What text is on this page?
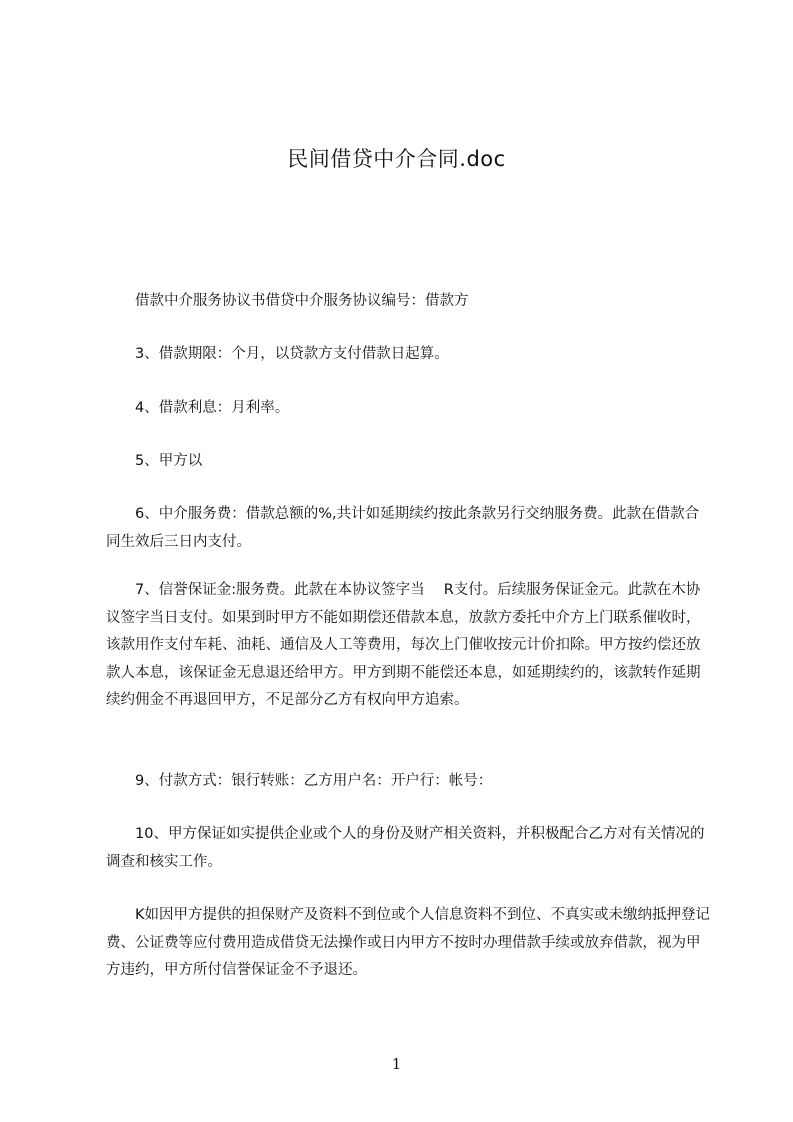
民间借贷中介合同.doc
借款中介服务协议书借贷中介服务协议编号：借款方
3、借款期限：个月，以贷款方支付借款日起算。
4、借款利息：月利率。
5、甲方以
6、中介服务费：借款总额的%,共计如延期续约按此条款另行交纳服务费。此款在借款合同生效后三日内支付。
7、信誉保证金:服务费。此款在本协议签字当　 R支付。后续服务保证金元。此款在木协议签字当日支付。如果到时甲方不能如期偿还借款本息，放款方委托中介方上门联系催收时，该款用作支付车耗、油耗、通信及人工等费用，每次上门催收按元计价扣除。甲方按约偿还放款人本息，该保证金无息退还给甲方。甲方到期不能偿还本息，如延期续约的，该款转作延期续约佣金不再退回甲方，不足部分乙方有权向甲方追索。
9、付款方式：银行转账：乙方用户名：开户行：帐号：
10、甲方保证如实提供企业或个人的身份及财产相关资料，并积极配合乙方对有关情况的调查和核实工作。
K如因甲方提供的担保财产及资料不到位或个人信息资料不到位、不真实或未缴纳抵押登记费、公证费等应付费用造成借贷无法操作或日内甲方不按时办理借款手续或放弃借款，视为甲方违约，甲方所付信誉保证金不予退还。
1
